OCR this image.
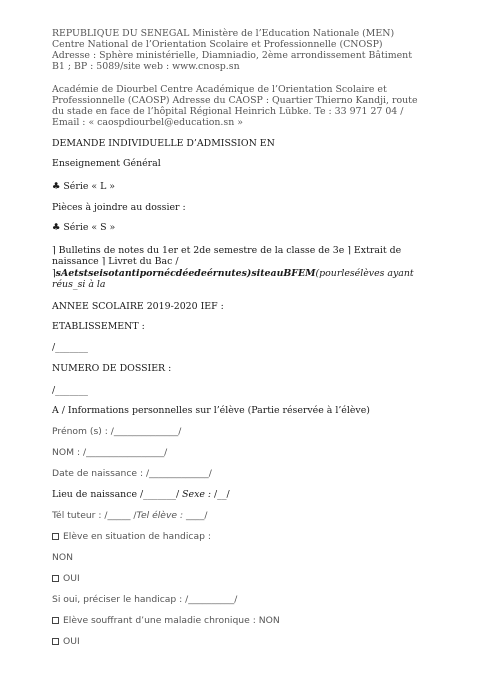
REPUBLIQUE DU SENEGAL Ministère de l’Education Nationale (MEN)
Centre National de l’Orientation Scolaire et Professionnelle (CNOSP)
Adresse : Sphère ministérielle, Diamniadio, 2ème arrondissement Bâtiment
B1 ; BP : 5089/site web : www.cnosp.sn
Académie de Diourbel Centre Académique de l’Orientation Scolaire et
Professionnelle (CAOSP) Adresse du CAOSP : Quartier Thierno Kandji, route
du stade en face de l’hôpital Régional Heinrich Lübke. Te : 33 971 27 04 /
Email : « caospdiourbel@education.sn »
DEMANDE INDIVIDUELLE D’ADMISSION EN
Enseignement Général
♣ Série « L »
Pièces à joindre au dossier :
♣ Série « S »
⌉ Bulletins de notes du 1er et 2de semestre de la classe de 3e ⌉ Extrait de
naissance ⌉ Livret du Bac /
⌉sAetstseisotantipornécdéedeérnutes)siteauBFEM(pourlesélèves ayant
réus_si à la
ANNEE SCOLAIRE 2019-2020 IEF :
ETABLISSEMENT :
/_______
NUMERO DE DOSSIER :
/_______
A / Informations personnelles sur l’élève (Partie réservée à l’élève)
Prénom (s) : /______________/
NOM : /_________________/
Date de naissance : /_____________/
Lieu de naissance /_______/ Sexe : /__/
Tél tuteur : /_____ /Tel élève : ____/
Elève en situation de handicap :
NON
OUI
Si oui, préciser le handicap : /__________/
Elève souffrant d’une maladie chronique : NON
OUI
